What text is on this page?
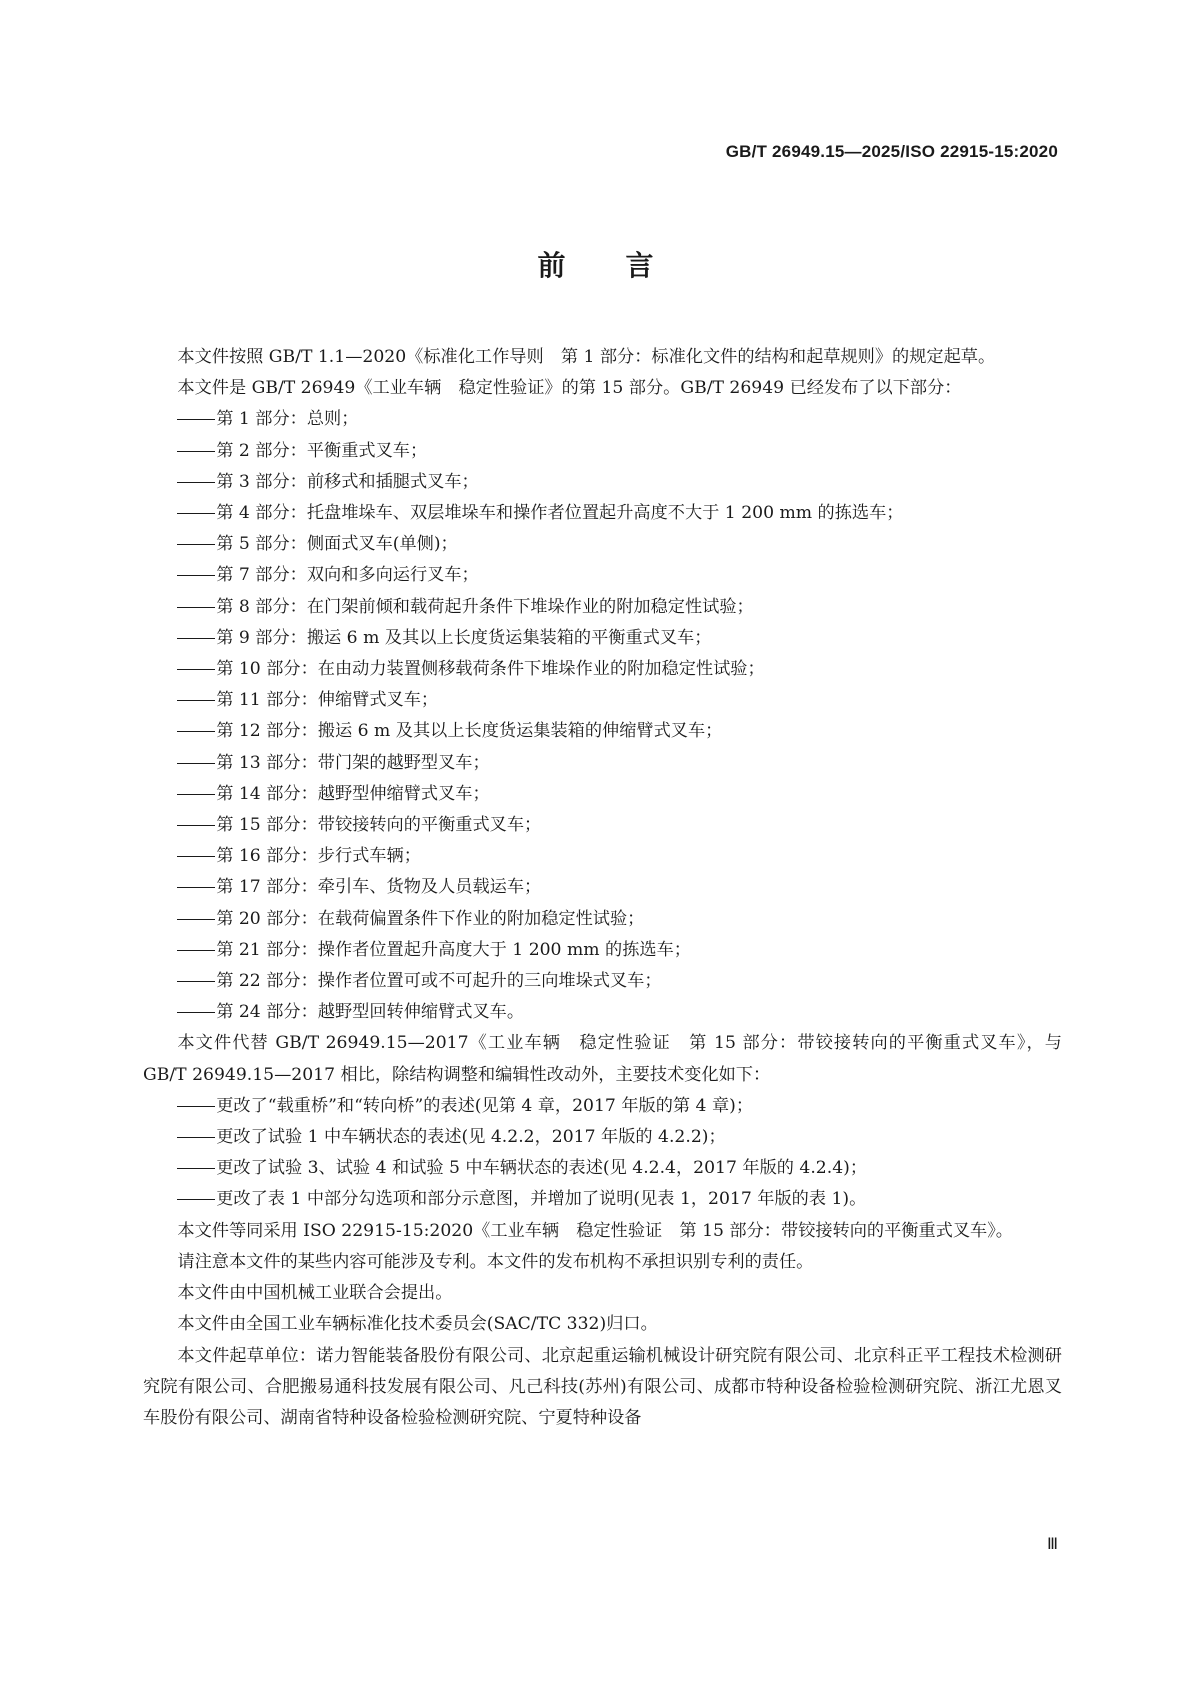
GB/T 26949.15—2025/ISO 22915-15:2020
前言

本文件按照 GB/T 1.1—2020《标准化工作导则　第 1 部分：标准化文件的结构和起草规则》的规定起草。

本文件是 GB/T 26949《工业车辆　稳定性验证》的第 15 部分。GB/T 26949 已经发布了以下部分：

第 1 部分：总则；

第 2 部分：平衡重式叉车；

第 3 部分：前移式和插腿式叉车；

第 4 部分：托盘堆垛车、双层堆垛车和操作者位置起升高度不大于 1 200 mm 的拣选车；

第 5 部分：侧面式叉车(单侧)；

第 7 部分：双向和多向运行叉车；

第 8 部分：在门架前倾和载荷起升条件下堆垛作业的附加稳定性试验；

第 9 部分：搬运 6 m 及其以上长度货运集装箱的平衡重式叉车；

第 10 部分：在由动力装置侧移载荷条件下堆垛作业的附加稳定性试验；

第 11 部分：伸缩臂式叉车；

第 12 部分：搬运 6 m 及其以上长度货运集装箱的伸缩臂式叉车；

第 13 部分：带门架的越野型叉车；

第 14 部分：越野型伸缩臂式叉车；

第 15 部分：带铰接转向的平衡重式叉车；

第 16 部分：步行式车辆；

第 17 部分：牵引车、货物及人员载运车；

第 20 部分：在载荷偏置条件下作业的附加稳定性试验；

第 21 部分：操作者位置起升高度大于 1 200 mm 的拣选车；

第 22 部分：操作者位置可或不可起升的三向堆垛式叉车；

第 24 部分：越野型回转伸缩臂式叉车。

本文件代替 GB/T 26949.15—2017《工业车辆　稳定性验证　第 15 部分：带铰接转向的平衡重式叉车》，与 GB/T 26949.15—2017 相比，除结构调整和编辑性改动外，主要技术变化如下：

更改了“载重桥”和“转向桥”的表述(见第 4 章，2017 年版的第 4 章)；

更改了试验 1 中车辆状态的表述(见 4.2.2，2017 年版的 4.2.2)；

更改了试验 3、试验 4 和试验 5 中车辆状态的表述(见 4.2.4，2017 年版的 4.2.4)；

更改了表 1 中部分勾选项和部分示意图，并增加了说明(见表 1，2017 年版的表 1)。

本文件等同采用 ISO 22915-15:2020《工业车辆　稳定性验证　第 15 部分：带铰接转向的平衡重式叉车》。

请注意本文件的某些内容可能涉及专利。本文件的发布机构不承担识别专利的责任。

本文件由中国机械工业联合会提出。

本文件由全国工业车辆标准化技术委员会(SAC/TC 332)归口。

本文件起草单位：诺力智能装备股份有限公司、北京起重运输机械设计研究院有限公司、北京科正平工程技术检测研究院有限公司、合肥搬易通科技发展有限公司、凡己科技(苏州)有限公司、成都市特种设备检验检测研究院、浙江尤恩叉车股份有限公司、湖南省特种设备检验检测研究院、宁夏特种设备

Ⅲ
